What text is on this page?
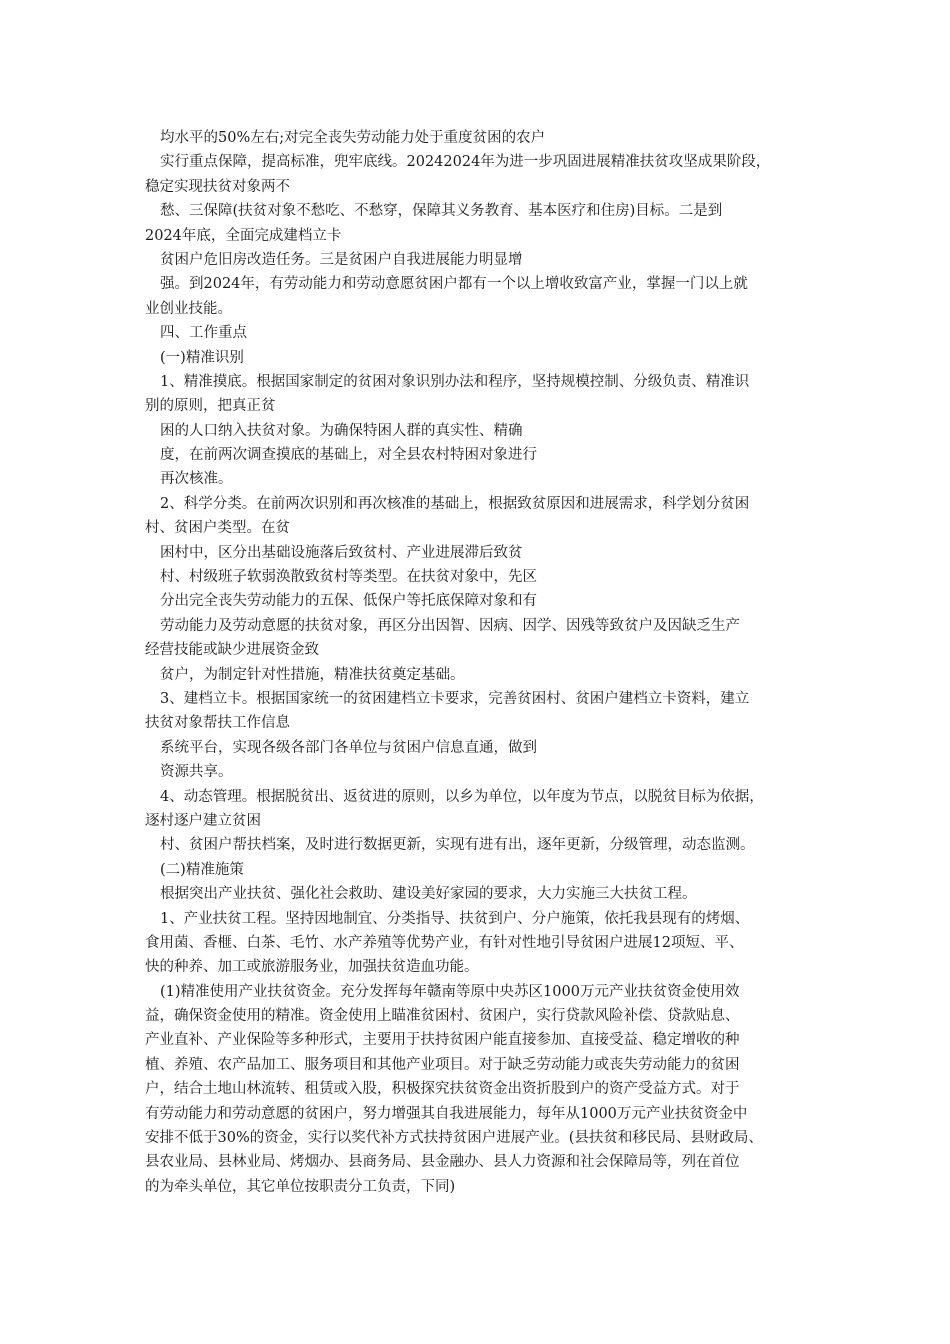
均水平的50%左右;对完全丧失劳动能力处于重度贫困的农户
实行重点保障，提高标准，兜牢底线。20242024年为进一步巩固进展精准扶贫攻坚成果阶段，
稳定实现扶贫对象两不
愁、三保障(扶贫对象不愁吃、不愁穿，保障其义务教育、基本医疗和住房)目标。二是到
2024年底，全面完成建档立卡
贫困户危旧房改造任务。三是贫困户自我进展能力明显增
强。到2024年，有劳动能力和劳动意愿贫困户都有一个以上增收致富产业，掌握一门以上就
业创业技能。
四、工作重点
(一)精准识别
1、精准摸底。根据国家制定的贫困对象识别办法和程序，坚持规模控制、分级负责、精准识
别的原则，把真正贫
困的人口纳入扶贫对象。为确保特困人群的真实性、精确
度，在前两次调查摸底的基础上，对全县农村特困对象进行
再次核准。
2、科学分类。在前两次识别和再次核准的基础上，根据致贫原因和进展需求，科学划分贫困
村、贫困户类型。在贫
困村中，区分出基础设施落后致贫村、产业进展滞后致贫
村、村级班子软弱涣散致贫村等类型。在扶贫对象中，先区
分出完全丧失劳动能力的五保、低保户等托底保障对象和有
劳动能力及劳动意愿的扶贫对象，再区分出因智、因病、因学、因残等致贫户及因缺乏生产
经营技能或缺少进展资金致
贫户，为制定针对性措施，精准扶贫奠定基础。
3、建档立卡。根据国家统一的贫困建档立卡要求，完善贫困村、贫困户建档立卡资料，建立
扶贫对象帮扶工作信息
系统平台，实现各级各部门各单位与贫困户信息直通，做到
资源共享。
4、动态管理。根据脱贫出、返贫进的原则，以乡为单位，以年度为节点，以脱贫目标为依据，
逐村逐户建立贫困
村、贫困户帮扶档案，及时进行数据更新，实现有进有出，逐年更新，分级管理，动态监测。
(二)精准施策
根据突出产业扶贫、强化社会救助、建设美好家园的要求，大力实施三大扶贫工程。
1、产业扶贫工程。坚持因地制宜、分类指导、扶贫到户、分户施策，依托我县现有的烤烟、
食用菌、香榧、白茶、毛竹、水产养殖等优势产业，有针对性地引导贫困户进展12项短、平、
快的种养、加工或旅游服务业，加强扶贫造血功能。
(1)精准使用产业扶贫资金。充分发挥每年赣南等原中央苏区1000万元产业扶贫资金使用效
益，确保资金使用的精准。资金使用上瞄准贫困村、贫困户，实行贷款风险补偿、贷款贴息、
产业直补、产业保险等多种形式，主要用于扶持贫困户能直接参加、直接受益、稳定增收的种
植、养殖、农产品加工、服务项目和其他产业项目。对于缺乏劳动能力或丧失劳动能力的贫困
户，结合土地山林流转、租赁或入股，积极探究扶贫资金出资折股到户的资产受益方式。对于
有劳动能力和劳动意愿的贫困户，努力增强其自我进展能力，每年从1000万元产业扶贫资金中
安排不低于30%的资金，实行以奖代补方式扶持贫困户进展产业。(县扶贫和移民局、县财政局、
县农业局、县林业局、烤烟办、县商务局、县金融办、县人力资源和社会保障局等，列在首位
的为牵头单位，其它单位按职责分工负责，下同)
